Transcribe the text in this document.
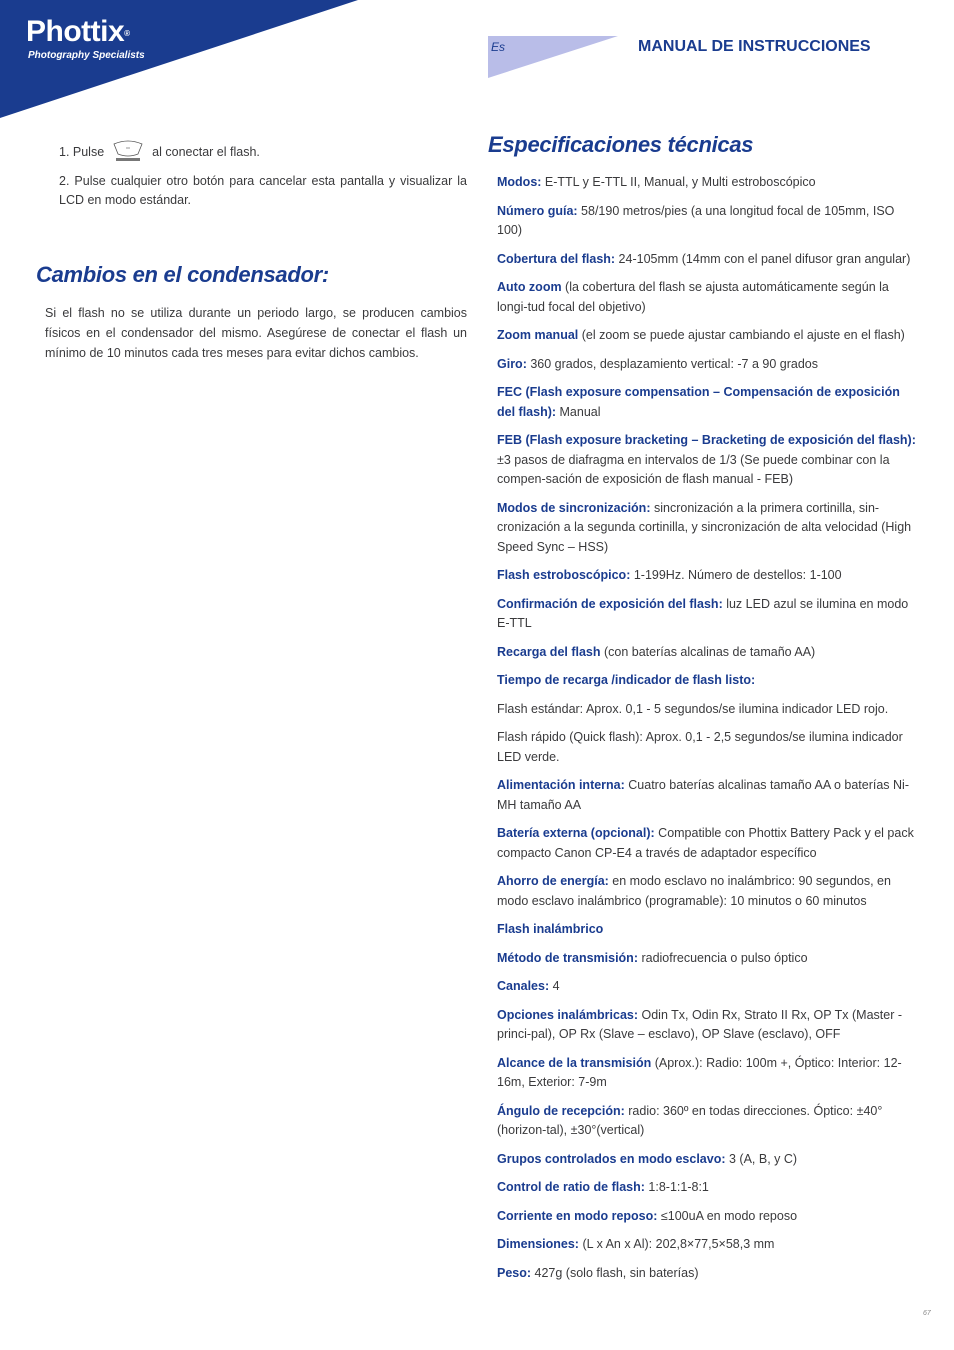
Phottix®
Photography Specialists
Es	MANUAL DE INSTRUCCIONES
1. Pulse	al conectar el flash.

2. Pulse cualquier otro botón para cancelar esta pantalla y visualizar la LCD en modo estándar.

Cambios en el condensador:

Si el flash no se utiliza durante un periodo largo, se producen cambios físicos en el condensador del mismo. Asegúrese de conectar el flash un mínimo de 10 minutos cada tres meses para evitar dichos cambios.

Especificaciones técnicas

Modos: E-TTL y E-TTL II, Manual, y Multi estroboscópico

Número guía: 58/190 metros/pies (a una longitud focal de 105mm, ISO 100)

Cobertura del flash: 24-105mm (14mm con el panel difusor gran angular)

Auto zoom (la cobertura del flash se ajusta automáticamente según la longi-tud focal del objetivo)

Zoom manual (el zoom se puede ajustar cambiando el ajuste en el flash)

Giro: 360 grados, desplazamiento vertical: -7 a 90 grados

FEC (Flash exposure compensation – Compensación de exposición del flash): Manual

FEB (Flash exposure bracketing – Bracketing de exposición del flash): ±3 pasos de diafragma en intervalos de 1/3 (Se puede combinar con la compen-sación de exposición de flash manual - FEB)

Modos de sincronización: sincronización a la primera cortinilla, sin-cronización a la segunda cortinilla, y sincronización de alta velocidad (High Speed Sync – HSS)

Flash estroboscópico: 1-199Hz. Número de destellos: 1-100

Confirmación de exposición del flash: luz LED azul se ilumina en modo E-TTL

Recarga del flash (con baterías alcalinas de tamaño AA)

Tiempo de recarga /indicador de flash listo:

Flash estándar: Aprox. 0,1 - 5 segundos/se ilumina indicador LED rojo.

Flash rápido (Quick flash): Aprox. 0,1 - 2,5 segundos/se ilumina indicador LED verde.

Alimentación interna: Cuatro baterías alcalinas tamaño AA o baterías Ni-MH tamaño AA

Batería externa (opcional): Compatible con Phottix Battery Pack y el pack compacto Canon CP-E4 a través de adaptador específico

Ahorro de energía: en modo esclavo no inalámbrico: 90 segundos, en modo esclavo inalámbrico (programable): 10 minutos o 60 minutos

Flash inalámbrico

Método de transmisión: radiofrecuencia o pulso óptico

Canales: 4

Opciones inalámbricas: Odin Tx, Odin Rx, Strato II Rx, OP Tx (Master - princi-pal), OP Rx (Slave – esclavo), OP Slave (esclavo), OFF

Alcance de la transmisión (Aprox.): Radio: 100m +, Óptico: Interior: 12-16m, Exterior: 7-9m

Ángulo de recepción: radio: 360º en todas direcciones. Óptico: ±40° (horizon-tal), ±30°(vertical)

Grupos controlados en modo esclavo: 3 (A, B, y C)

Control de ratio de flash: 1:8-1:1-8:1

Corriente en modo reposo: ≤100uA en modo reposo

Dimensiones: (L x An x Al): 202,8×77,5×58,3 mm

Peso: 427g (solo flash, sin baterías)

67
